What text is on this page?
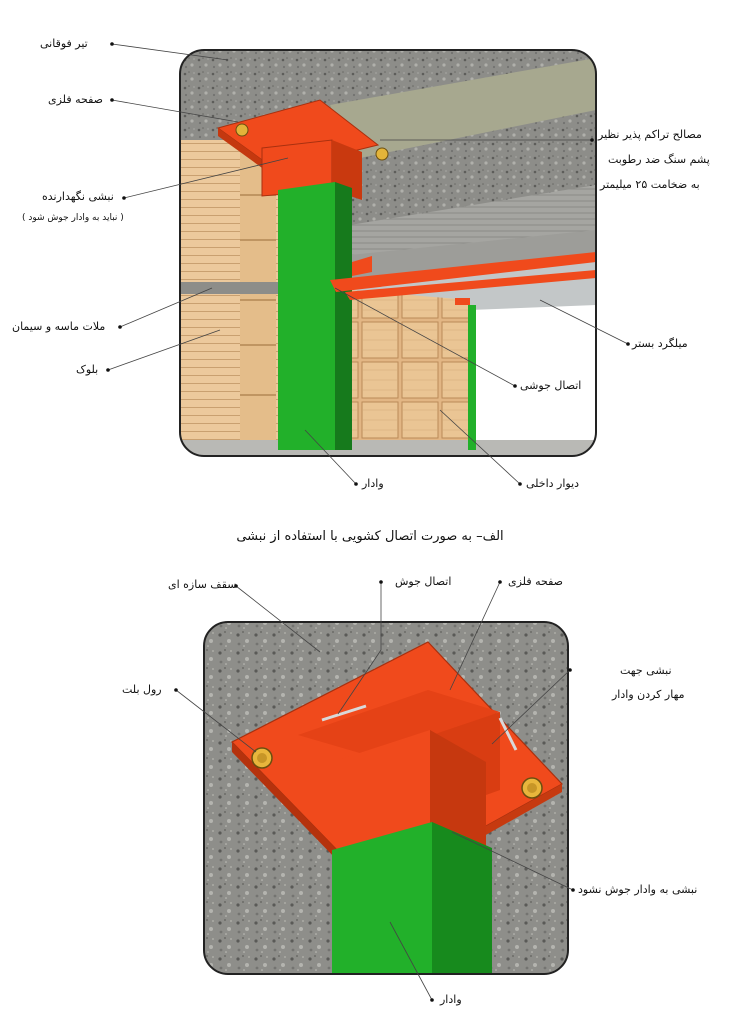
تیر فوقانی
صفحه فلزی
نبشی نگهدارنده
( نباید به وادار جوش شود )
ملات ماسه و سیمان
بلوک
مصالح تراکم پذیر نظیر
پشم سنگ ضد رطوبت
به ضخامت ۲۵ میلیمتر
میلگرد بستر
اتصال جوشی
دیوار داخلی
وادار
الف– به صورت اتصال کشویی با استفاده از نبشی
سقف سازه ای	اتصال جوش	صفحه فلزی
رول بلت
نبشی جهت
مهار کردن وادار
نبشی به وادار جوش نشود
وادار
